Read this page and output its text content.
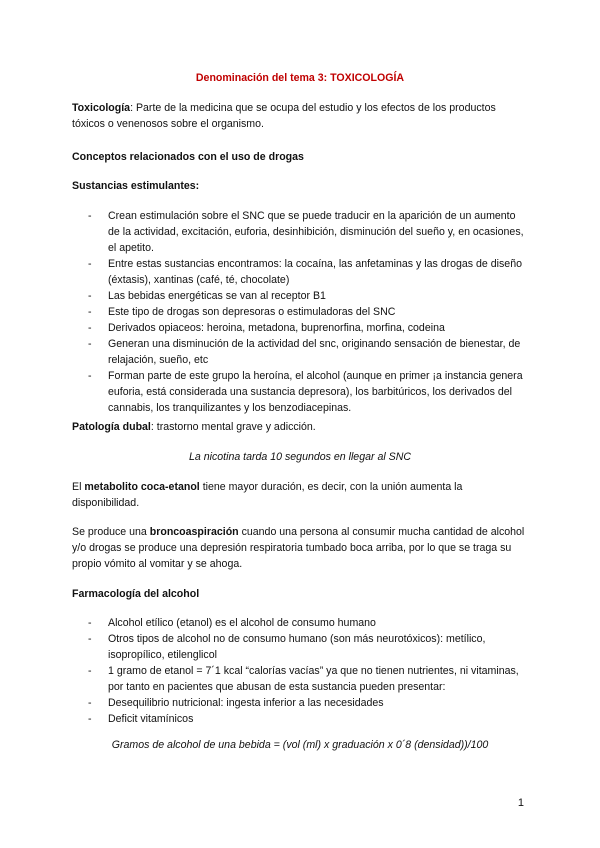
Denominación del tema 3: TOXICOLOGÍA
Toxicología: Parte de la medicina que se ocupa del estudio y los efectos de los productos tóxicos o venenosos sobre el organismo.
Conceptos relacionados con el uso de drogas
Sustancias estimulantes:
- Crean estimulación sobre el SNC que se puede traducir en la aparición de un aumento de la actividad, excitación, euforia, desinhibición, disminución del sueño y, en ocasiones, el apetito.
- Entre estas sustancias encontramos: la cocaína, las anfetaminas y las drogas de diseño (éxtasis), xantinas (café, té, chocolate)
- Las bebidas energéticas se van al receptor B1
- Este tipo de drogas son depresoras o estimuladoras del SNC
- Derivados opiaceos: heroina, metadona, buprenorfina, morfina, codeina
- Generan una disminución de la actividad del snc, originando sensación de bienestar, de relajación, sueño, etc
- Forman parte de este grupo la heroína, el alcohol (aunque en primer ¡a instancia genera euforia, está considerada una sustancia depresora), los barbitúricos, los derivados del cannabis, los tranquilizantes y los benzodiacepinas.
Patología dubal: trastorno mental grave y adicción.
La nicotina tarda 10 segundos en llegar al SNC
El metabolito coca-etanol tiene mayor duración, es decir, con la unión aumenta la disponibilidad.
Se produce una broncoaspiración cuando una persona al consumir mucha cantidad de alcohol y/o drogas se produce una depresión respiratoria tumbado boca arriba, por lo que se traga su propio vómito al vomitar y se ahoga.
Farmacología del alcohol
- Alcohol etílico (etanol) es el alcohol de consumo humano
- Otros tipos de alcohol no de consumo humano (son más neurotóxicos): metílico, isopropílico, etilenglicol
- 1 gramo de etanol = 7´1 kcal “calorías vacías” ya que no tienen nutrientes, ni vitaminas, por tanto en pacientes que abusan de esta sustancia pueden presentar:
- Desequilibrio nutricional: ingesta inferior a las necesidades
- Deficit vitamínicos
Gramos de alcohol de una bebida = (vol (ml) x graduación x 0´8 (densidad))/100
1
